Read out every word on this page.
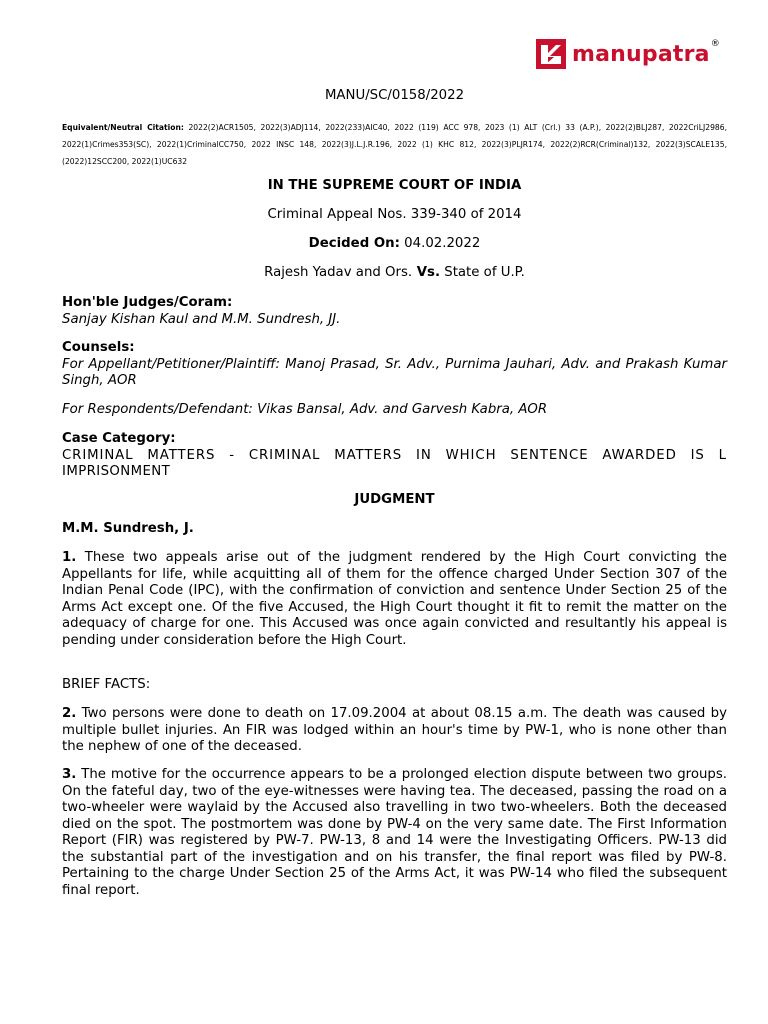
manupatra ®
MANU/SC/0158/2022
Equivalent/Neutral Citation: 2022(2)ACR1505, 2022(3)ADJ114, 2022(233)AIC40, 2022 (119) ACC 978, 2023 (1) ALT (Crl.) 33 (A.P.), 2022(2)BLJ287, 2022CriLJ2986, 2022(1)Crimes353(SC), 2022(1)CriminalCC750, 2022 INSC 148, 2022(3)J.L.J.R.196, 2022 (1) KHC 812, 2022(3)PLJR174, 2022(2)RCR(Criminal)132, 2022(3)SCALE135, (2022)12SCC200, 2022(1)UC632
IN THE SUPREME COURT OF INDIA
Criminal Appeal Nos. 339-340 of 2014
Decided On: 04.02.2022
Rajesh Yadav and Ors. Vs. State of U.P.
Hon'ble Judges/Coram:
Sanjay Kishan Kaul and M.M. Sundresh, JJ.
Counsels:
For Appellant/Petitioner/Plaintiff: Manoj Prasad, Sr. Adv., Purnima Jauhari, Adv. and Prakash Kumar Singh, AOR
For Respondents/Defendant: Vikas Bansal, Adv. and Garvesh Kabra, AOR
Case Category:
CRIMINAL MATTERS - CRIMINAL MATTERS IN WHICH SENTENCE AWARDED IS L
IMPRISONMENT
JUDGMENT
M.M. Sundresh, J.
1. These two appeals arise out of the judgment rendered by the High Court convicting the Appellants for life, while acquitting all of them for the offence charged Under Section 307 of the Indian Penal Code (IPC), with the confirmation of conviction and sentence Under Section 25 of the Arms Act except one. Of the five Accused, the High Court thought it fit to remit the matter on the adequacy of charge for one. This Accused was once again convicted and resultantly his appeal is pending under consideration before the High Court.
BRIEF FACTS:
2. Two persons were done to death on 17.09.2004 at about 08.15 a.m. The death was caused by multiple bullet injuries. An FIR was lodged within an hour's time by PW-1, who is none other than the nephew of one of the deceased.
3. The motive for the occurrence appears to be a prolonged election dispute between two groups. On the fateful day, two of the eye-witnesses were having tea. The deceased, passing the road on a two-wheeler were waylaid by the Accused also travelling in two two-wheelers. Both the deceased died on the spot. The postmortem was done by PW-4 on the very same date. The First Information Report (FIR) was registered by PW-7. PW-13, 8 and 14 were the Investigating Officers. PW-13 did the substantial part of the investigation and on his transfer, the final report was filed by PW-8. Pertaining to the charge Under Section 25 of the Arms Act, it was PW-14 who filed the subsequent final report.
